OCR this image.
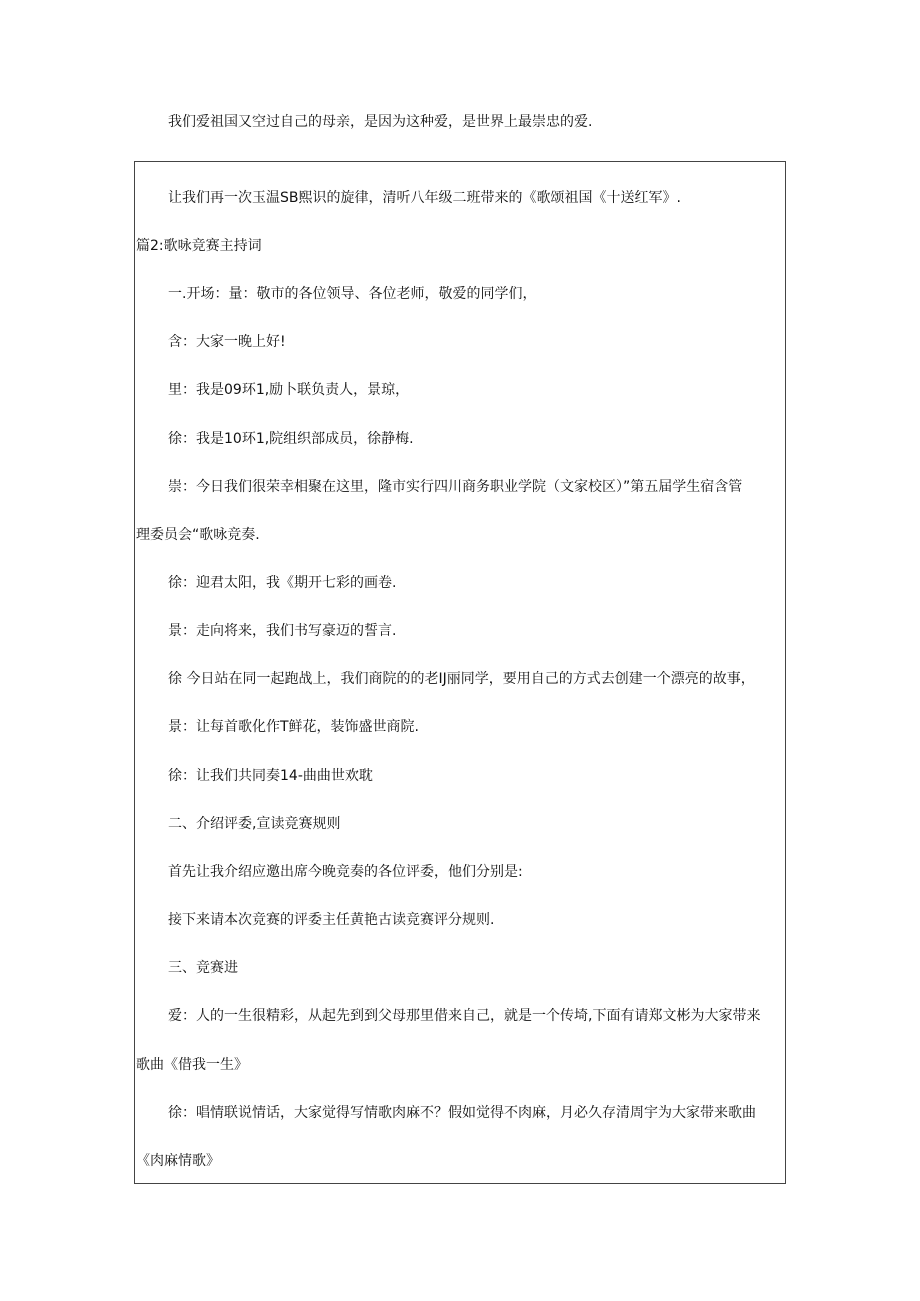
我们爱祖国又空过自己的母亲，是因为这种爱，是世界上最崇忠的爱.
让我们再一次玉温SB熙识的旋律，清听八年级二班带来的《歌颂祖国《十送红军》.
篇2:歌咏竞赛主持词
一.开场：量：敬市的各位领导、各位老师，敬爱的同学们，
含：大家一晚上好!
里：我是09环1,励卜联负责人，景琼，
徐：我是10环1,院组织部成员，徐静梅.
崇：今日我们很荣幸相聚在这里，隆市实行四川商务职业学院（文家校区）”第五届学生宿含管
理委员会“歌咏竞奏.
徐：迎君太阳，我《期开七彩的画卷.
景：走向将来，我们书写豪迈的誓言.
徐 今日站在同一起跑战上，我们商院的的老IJ丽同学，要用自己的方式去创建一个漂亮的故事，
景：让每首歌化作T鲜花，装饰盛世商院.
徐：让我们共同奏14-曲曲世欢耽
二、介绍评委,宣读竞赛规则
首先让我介绍应邀出席今晚竞奏的各位评委，他们分别是:
接下来请本次竞赛的评委主任黄艳古读竞赛评分规则.
三、竞赛进
爱：人的一生很精彩，从起先到到父母那里借来自己，就是一个传埼,下面有请郑文彬为大家带来
歌曲《借我一生》
徐：唱情联说情话，大家觉得写情歌肉麻不？假如觉得不肉麻，月必久存清周宇为大家带来歌曲
《肉麻情歌》
